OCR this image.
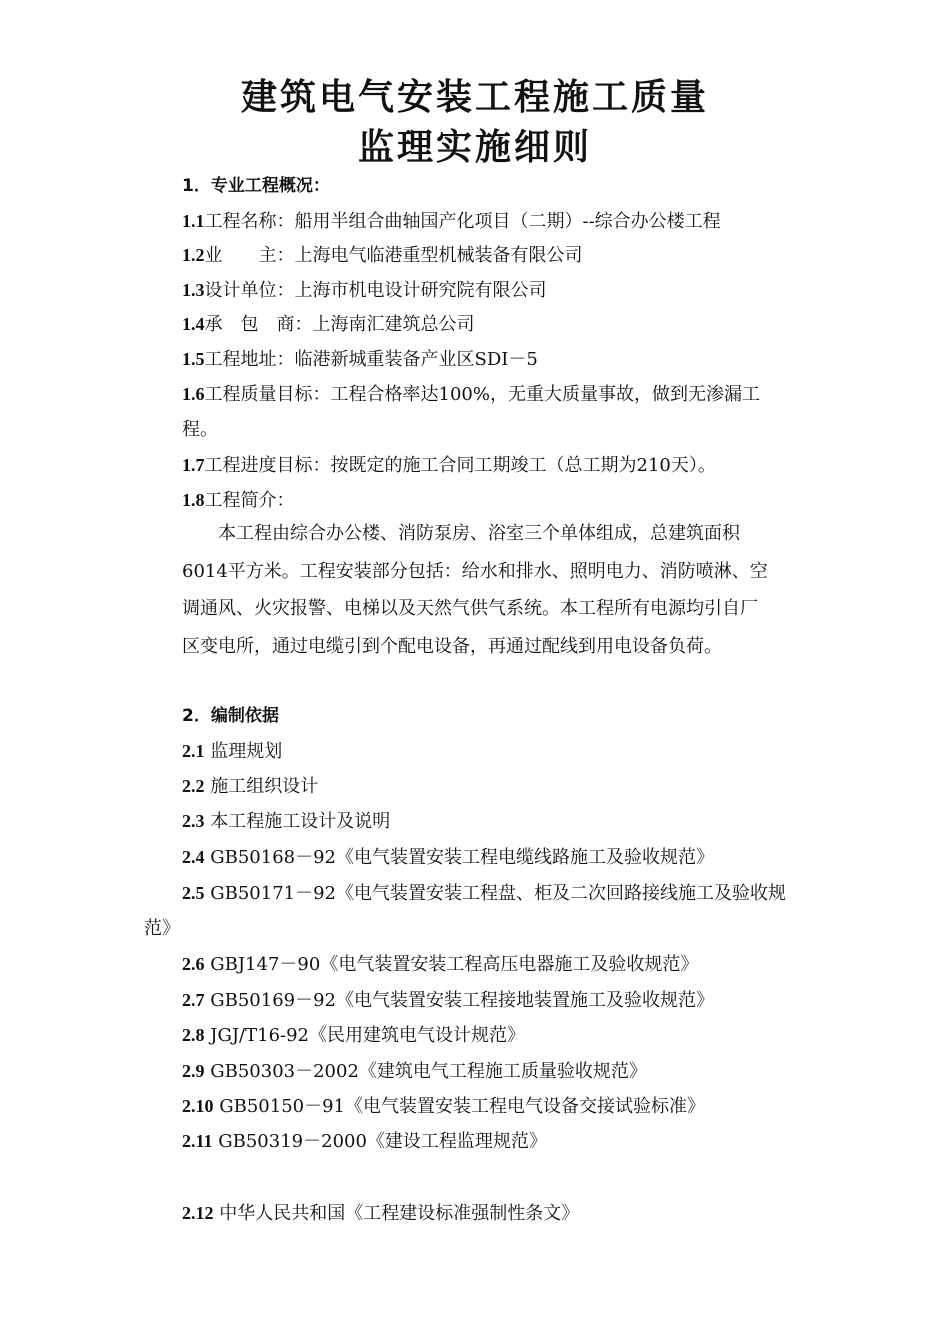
建筑电气安装工程施工质量
监理实施细则
1．专业工程概况：
1.1工程名称：船用半组合曲轴国产化项目（二期）--综合办公楼工程
1.2业　　主：上海电气临港重型机械装备有限公司
1.3设计单位：上海市机电设计研究院有限公司
1.4承　包　商：上海南汇建筑总公司
1.5工程地址：临港新城重装备产业区SDI－5
1.6工程质量目标：工程合格率达100%，无重大质量事故，做到无渗漏工
程。
1.7工程进度目标：按既定的施工合同工期竣工（总工期为210天）。
1.8工程简介：
本工程由综合办公楼、消防泵房、浴室三个单体组成，总建筑面积
6014平方米。工程安装部分包括：给水和排水、照明电力、消防喷淋、空
调通风、火灾报警、电梯以及天然气供气系统。本工程所有电源均引自厂
区变电所，通过电缆引到个配电设备，再通过配线到用电设备负荷。
2．编制依据
2.1 监理规划
2.2 施工组织设计
2.3 本工程施工设计及说明
2.4 GB50168－92《电气装置安装工程电缆线路施工及验收规范》
2.5 GB50171－92《电气装置安装工程盘、柜及二次回路接线施工及验收规
范》
2.6 GBJ147－90《电气装置安装工程高压电器施工及验收规范》
2.7 GB50169－92《电气装置安装工程接地装置施工及验收规范》
2.8 JGJ/T16-92《民用建筑电气设计规范》
2.9 GB50303－2002《建筑电气工程施工质量验收规范》
2.10 GB50150－91《电气装置安装工程电气设备交接试验标准》
2.11 GB50319－2000《建设工程监理规范》
2.12 中华人民共和国《工程建设标准强制性条文》
